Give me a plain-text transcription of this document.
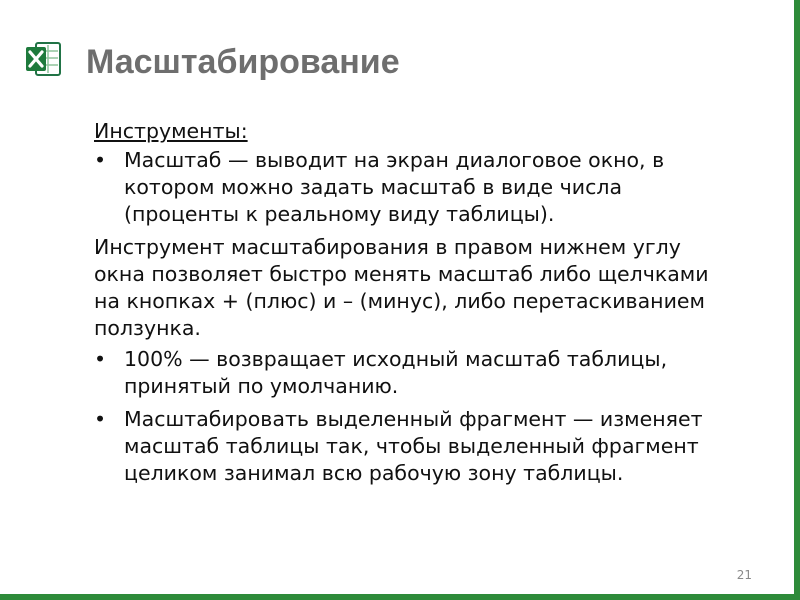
Масштабирование
Инструменты:
• Масштаб — выводит на экран диалоговое окно, в котором можно задать масштаб в виде числа (проценты к реальному виду таблицы).
Инструмент масштабирования в правом нижнем углу окна позволяет быстро менять масштаб либо щелчками на кнопках + (плюс) и – (минус), либо перетаскиванием ползунка.
• 100% — возвращает исходный масштаб таблицы, принятый по умолчанию.
• Масштабировать выделенный фрагмент — изменяет масштаб таблицы так, чтобы выделенный фрагмент целиком занимал всю рабочую зону таблицы.
21
